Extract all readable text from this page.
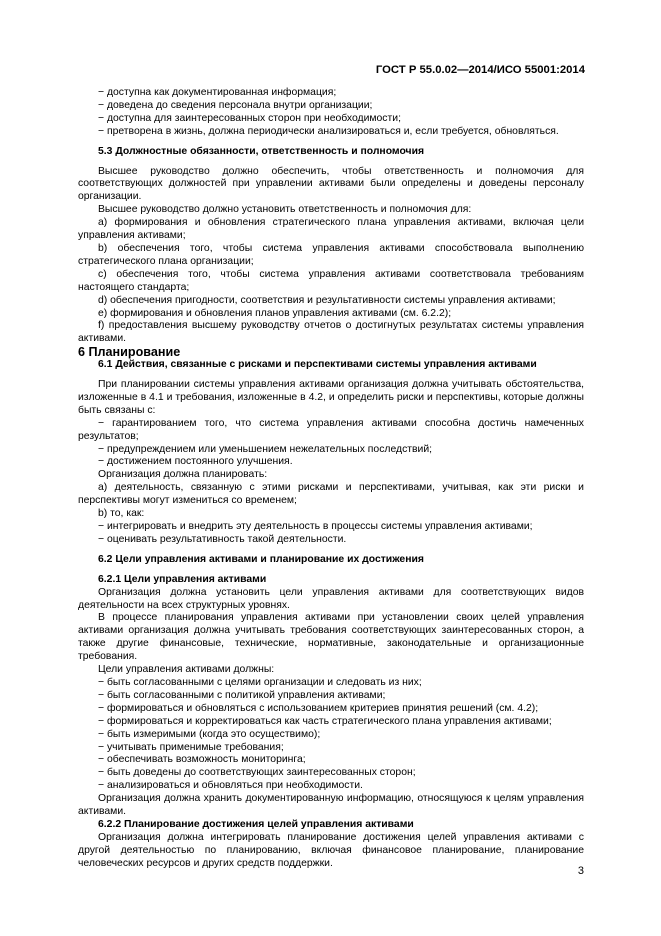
ГОСТ Р 55.0.02—2014/ИСО 55001:2014

− доступна как документированная информация;

− доведена до сведения персонала внутри организации;

− доступна для заинтересованных сторон при необходимости;

− претворена в жизнь, должна периодически анализироваться и, если требуется, обновляться.

5.3 Должностные обязанности, ответственность и полномочия

Высшее руководство должно обеспечить, чтобы ответственность и полномочия для соответствующих должностей при управлении активами были определены и доведены персоналу организации.

Высшее руководство должно установить ответственность и полномочия для:

a) формирования и обновления стратегического плана управления активами, включая цели управления активами;

b) обеспечения того, чтобы система управления активами способствовала выполнению стратегического плана организации;

c) обеспечения того, чтобы система управления активами соответствовала требованиям настоящего стандарта;

d) обеспечения пригодности, соответствия и результативности системы управления активами;

e) формирования и обновления планов управления активами (см. 6.2.2);

f) предоставления высшему руководству отчетов о достигнутых результатах системы управления активами.

6 Планирование

6.1 Действия, связанные с рисками и перспективами системы управления активами

При планировании системы управления активами организация должна учитывать обстоятельства, изложенные в 4.1 и требования, изложенные в 4.2, и определить риски и перспективы, которые должны быть связаны с:

− гарантированием того, что система управления активами способна достичь намеченных результатов;

− предупреждением или уменьшением нежелательных последствий;

− достижением постоянного улучшения.

Организация должна планировать:

a) деятельность, связанную с этими рисками и перспективами, учитывая, как эти риски и перспективы могут измениться со временем;

b) то, как:

− интегрировать и внедрить эту деятельность в процессы системы управления активами;

− оценивать результативность такой деятельности.

6.2 Цели управления активами и планирование их достижения

6.2.1 Цели управления активами

Организация должна установить цели управления активами для соответствующих видов деятельности на всех структурных уровнях.

В процессе планирования управления активами при установлении своих целей управления активами организация должна учитывать требования соответствующих заинтересованных сторон, а также другие финансовые, технические, нормативные, законодательные и организационные требования.

Цели управления активами должны:

− быть согласованными с целями организации и следовать из них;

− быть согласованными с политикой управления активами;

− формироваться и обновляться с использованием критериев принятия решений (см. 4.2);

− формироваться и корректироваться как часть стратегического плана управления активами;

− быть измеримыми (когда это осуществимо);

− учитывать применимые требования;

− обеспечивать возможность мониторинга;

− быть доведены до соответствующих заинтересованных сторон;

− анализироваться и обновляться при необходимости.

Организация должна хранить документированную информацию, относящуюся к целям управления активами.

6.2.2 Планирование достижения целей управления активами

Организация должна интегрировать планирование достижения целей управления активами с другой деятельностью по планированию, включая финансовое планирование, планирование человеческих ресурсов и других средств поддержки.

3
